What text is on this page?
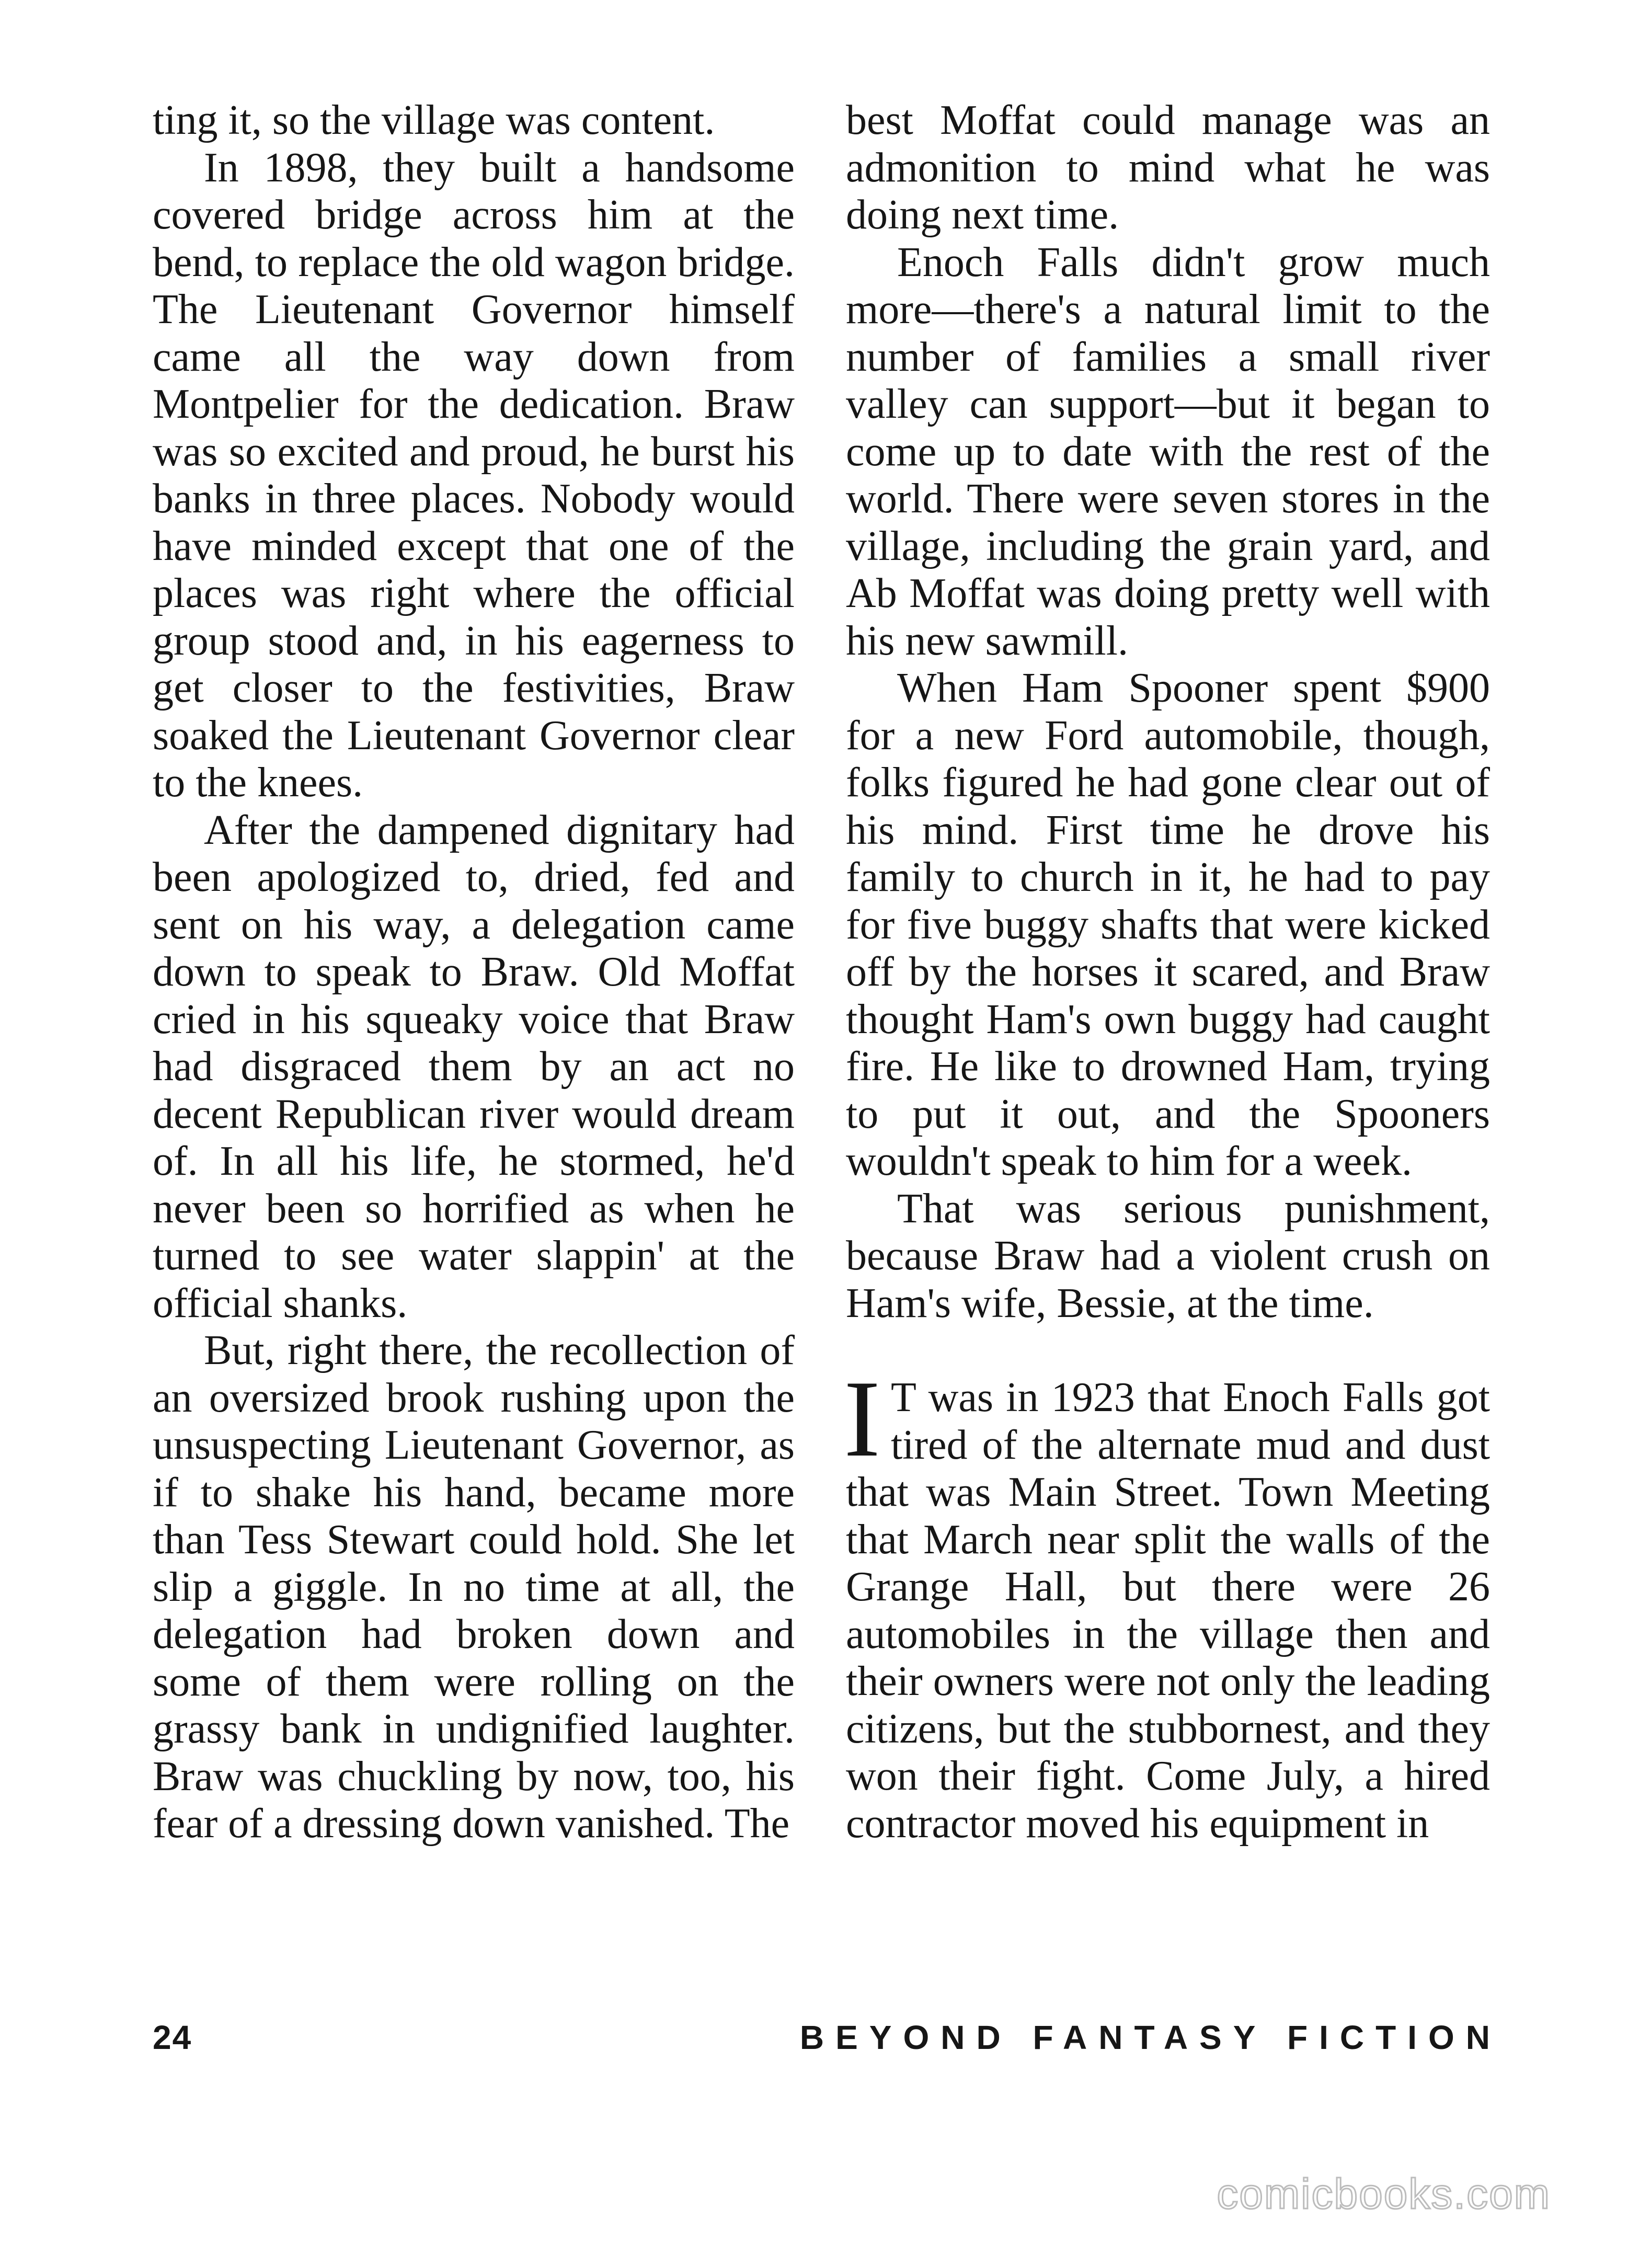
ting it, so the village was content.

In 1898, they built a handsome covered bridge across him at the bend, to replace the old wagon bridge. The Lieutenant Governor himself came all the way down from Montpelier for the dedication. Braw was so excited and proud, he burst his banks in three places. Nobody would have minded except that one of the places was right where the official group stood and, in his eagerness to get closer to the festivities, Braw soaked the Lieutenant Governor clear to the knees.

After the dampened dignitary had been apologized to, dried, fed and sent on his way, a delegation came down to speak to Braw. Old Moffat cried in his squeaky voice that Braw had disgraced them by an act no decent Republican river would dream of. In all his life, he stormed, he'd never been so horrified as when he turned to see water slappin' at the official shanks.

But, right there, the recollection of an oversized brook rushing upon the unsuspecting Lieutenant Governor, as if to shake his hand, became more than Tess Stewart could hold. She let slip a giggle. In no time at all, the delegation had broken down and some of them were rolling on the grassy bank in undignified laughter. Braw was chuckling by now, too, his fear of a dressing down vanished. The

best Moffat could manage was an admonition to mind what he was doing next time.

Enoch Falls didn't grow much more—there's a natural limit to the number of families a small river valley can support—but it began to come up to date with the rest of the world. There were seven stores in the village, including the grain yard, and Ab Moffat was doing pretty well with his new sawmill.

When Ham Spooner spent $900 for a new Ford automobile, though, folks figured he had gone clear out of his mind. First time he drove his family to church in it, he had to pay for five buggy shafts that were kicked off by the horses it scared, and Braw thought Ham's own buggy had caught fire. He like to drowned Ham, trying to put it out, and the Spooners wouldn't speak to him for a week.

That was serious punishment, because Braw had a violent crush on Ham's wife, Bessie, at the time.

I T was in 1923 that Enoch Falls got tired of the alternate mud and dust that was Main Street. Town Meeting that March near split the walls of the Grange Hall, but there were 26 automobiles in the village then and their owners were not only the leading citizens, but the stubbornest, and they won their fight. Come July, a hired contractor moved his equipment in

24	BEYOND FANTASY FICTION
comicbooks.com
